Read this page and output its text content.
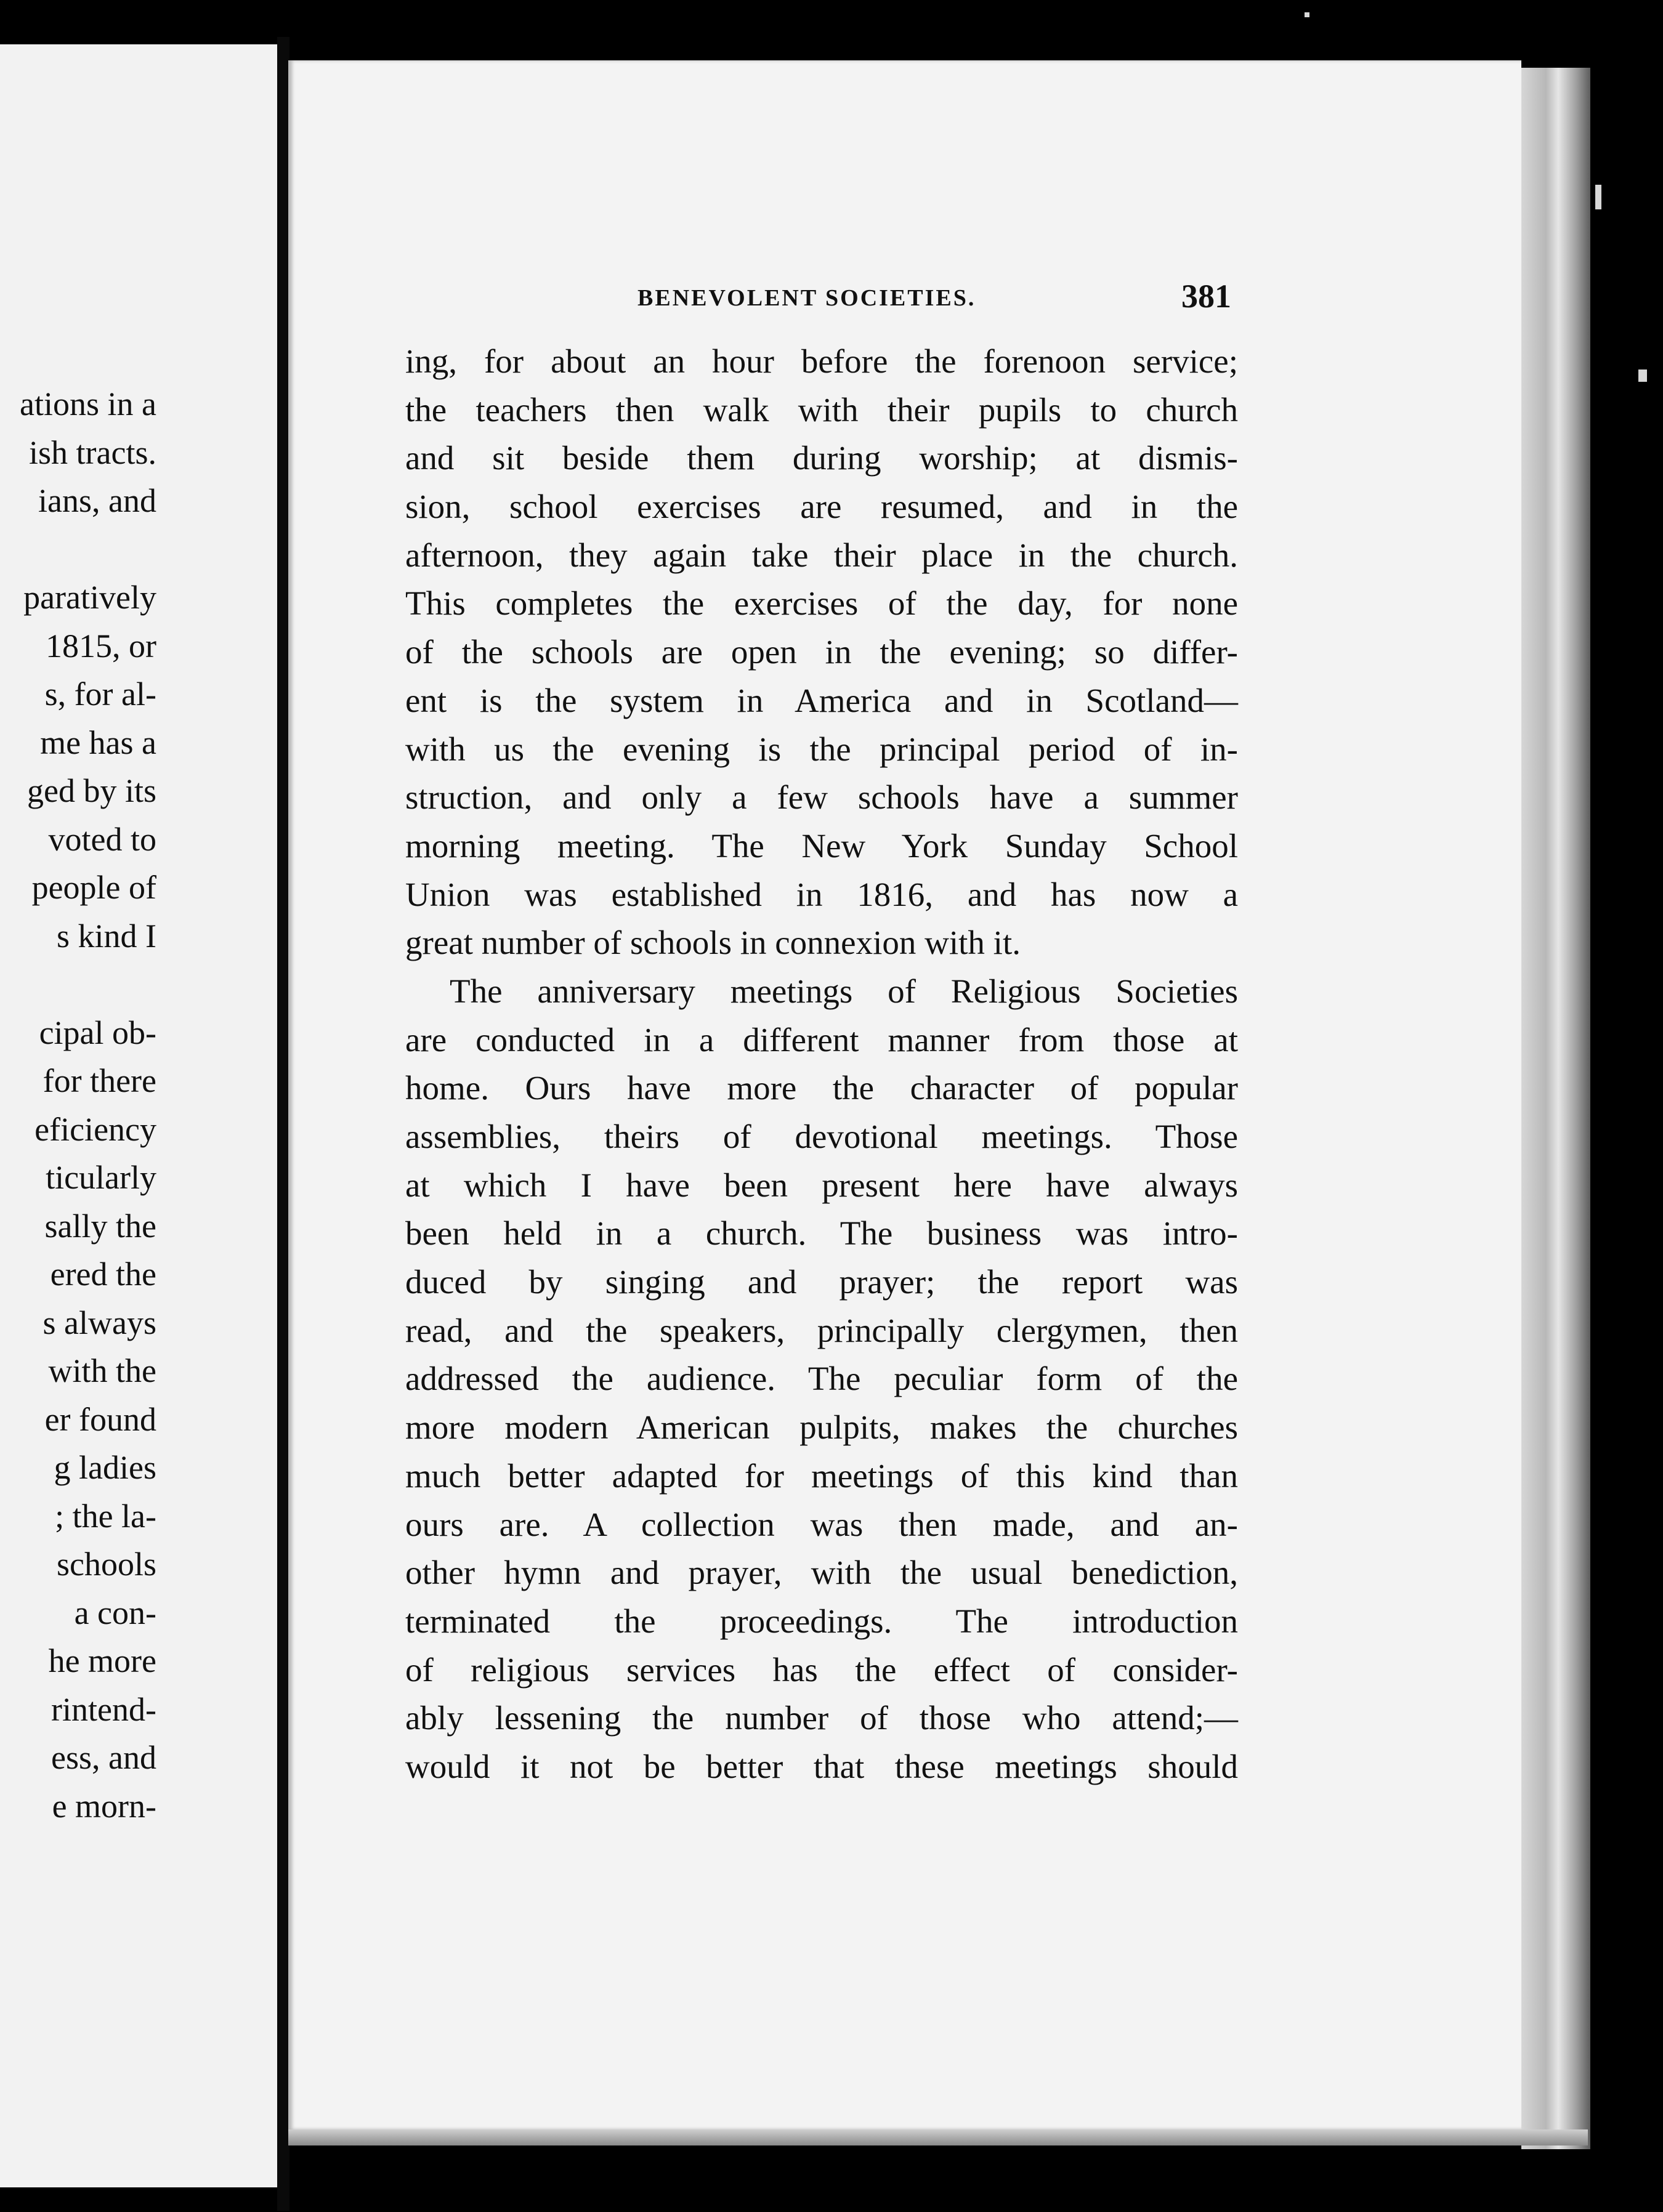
ations in a
ish tracts.
ians, and
paratively
1815, or
s, for al-
me has a
ged by its
voted to
people of
s kind I
cipal ob-
for there
eficiency
ticularly
sally the
ered the
s always
with the
er found
g ladies
; the la-
schools
a con-
he more
rintend-
ess, and
e morn-
BENEVOLENT SOCIETIES.	381
ing, for about an hour before the forenoon service;
the teachers then walk with their pupils to church
and sit beside them during worship; at dismis-
sion, school exercises are resumed, and in the
afternoon, they again take their place in the church.
This completes the exercises of the day, for none
of the schools are open in the evening; so differ-
ent is the system in America and in Scotland—
with us the evening is the principal period of in-
struction, and only a few schools have a summer
morning meeting. The New York Sunday School
Union was established in 1816, and has now a
great number of schools in connexion with it.
The anniversary meetings of Religious Societies
are conducted in a different manner from those at
home. Ours have more the character of popular
assemblies, theirs of devotional meetings. Those
at which I have been present here have always
been held in a church. The business was intro-
duced by singing and prayer; the report was
read, and the speakers, principally clergymen, then
addressed the audience. The peculiar form of the
more modern American pulpits, makes the churches
much better adapted for meetings of this kind than
ours are. A collection was then made, and an-
other hymn and prayer, with the usual benediction,
terminated the proceedings. The introduction
of religious services has the effect of consider-
ably lessening the number of those who attend;—
would it not be better that these meetings should
